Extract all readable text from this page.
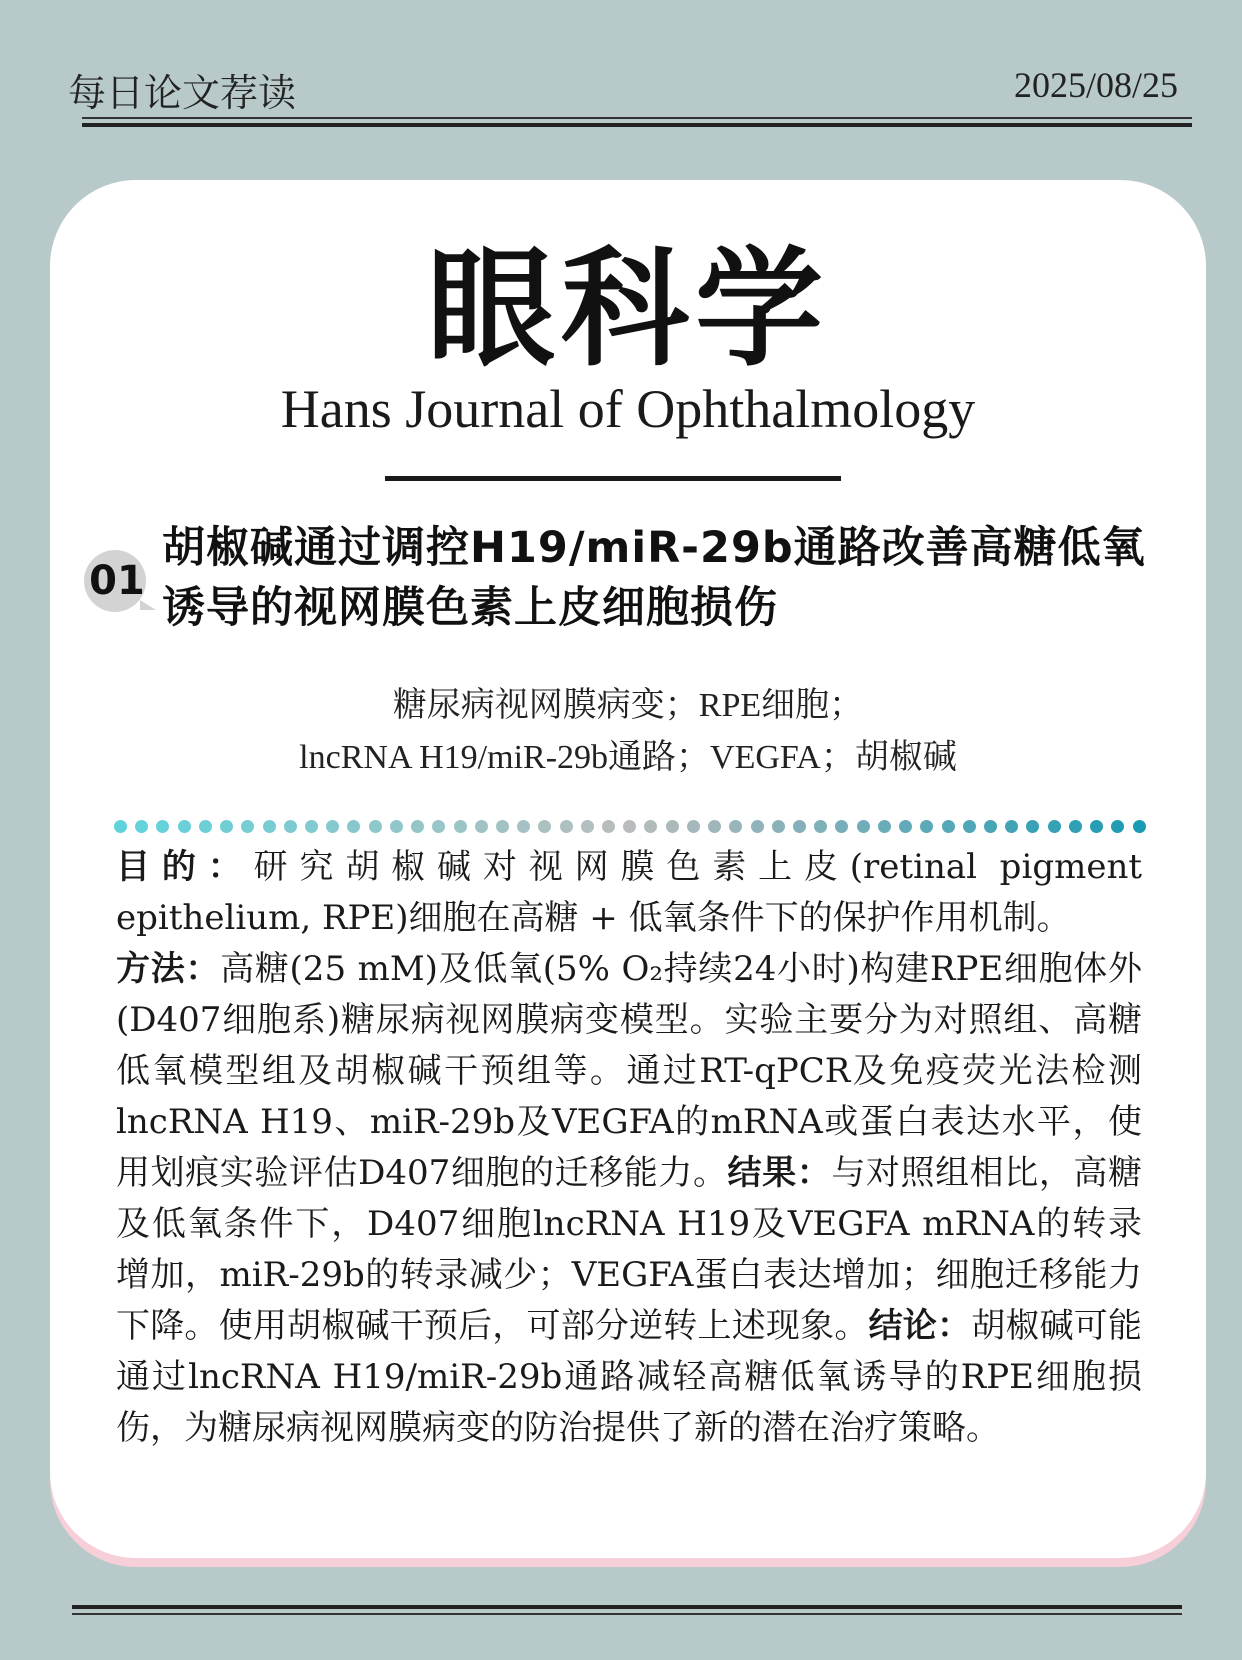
每日论文荐读	2025/08/25
眼科学
Hans Journal of Ophthalmology
01
胡椒碱通过调控H19/miR-29b通路改善高糖低氧诱导的视网膜色素上皮细胞损伤
糖尿病视网膜病变；RPE细胞；
lncRNA H19/miR-29b通路；VEGFA；胡椒碱
目的：研究胡椒碱对视网膜色素上皮(retinal pigment epithelium, RPE)细胞在高糖 + 低氧条件下的保护作用机制。
方法：高糖(25 mM)及低氧(5% O₂持续24小时)构建RPE细胞体外(D407细胞系)糖尿病视网膜病变模型。实验主要分为对照组、高糖低氧模型组及胡椒碱干预组等。通过RT-qPCR及免疫荧光法检测lncRNA H19、miR-29b及VEGFA的mRNA或蛋白表达水平，使用划痕实验评估D407细胞的迁移能力。结果：与对照组相比，高糖及低氧条件下，D407细胞lncRNA H19及VEGFA mRNA的转录增加，miR-29b的转录减少；VEGFA蛋白表达增加；细胞迁移能力下降。使用胡椒碱干预后，可部分逆转上述现象。结论：胡椒碱可能通过lncRNA H19/miR-29b通路减轻高糖低氧诱导的RPE细胞损伤，为糖尿病视网膜病变的防治提供了新的潜在治疗策略。
